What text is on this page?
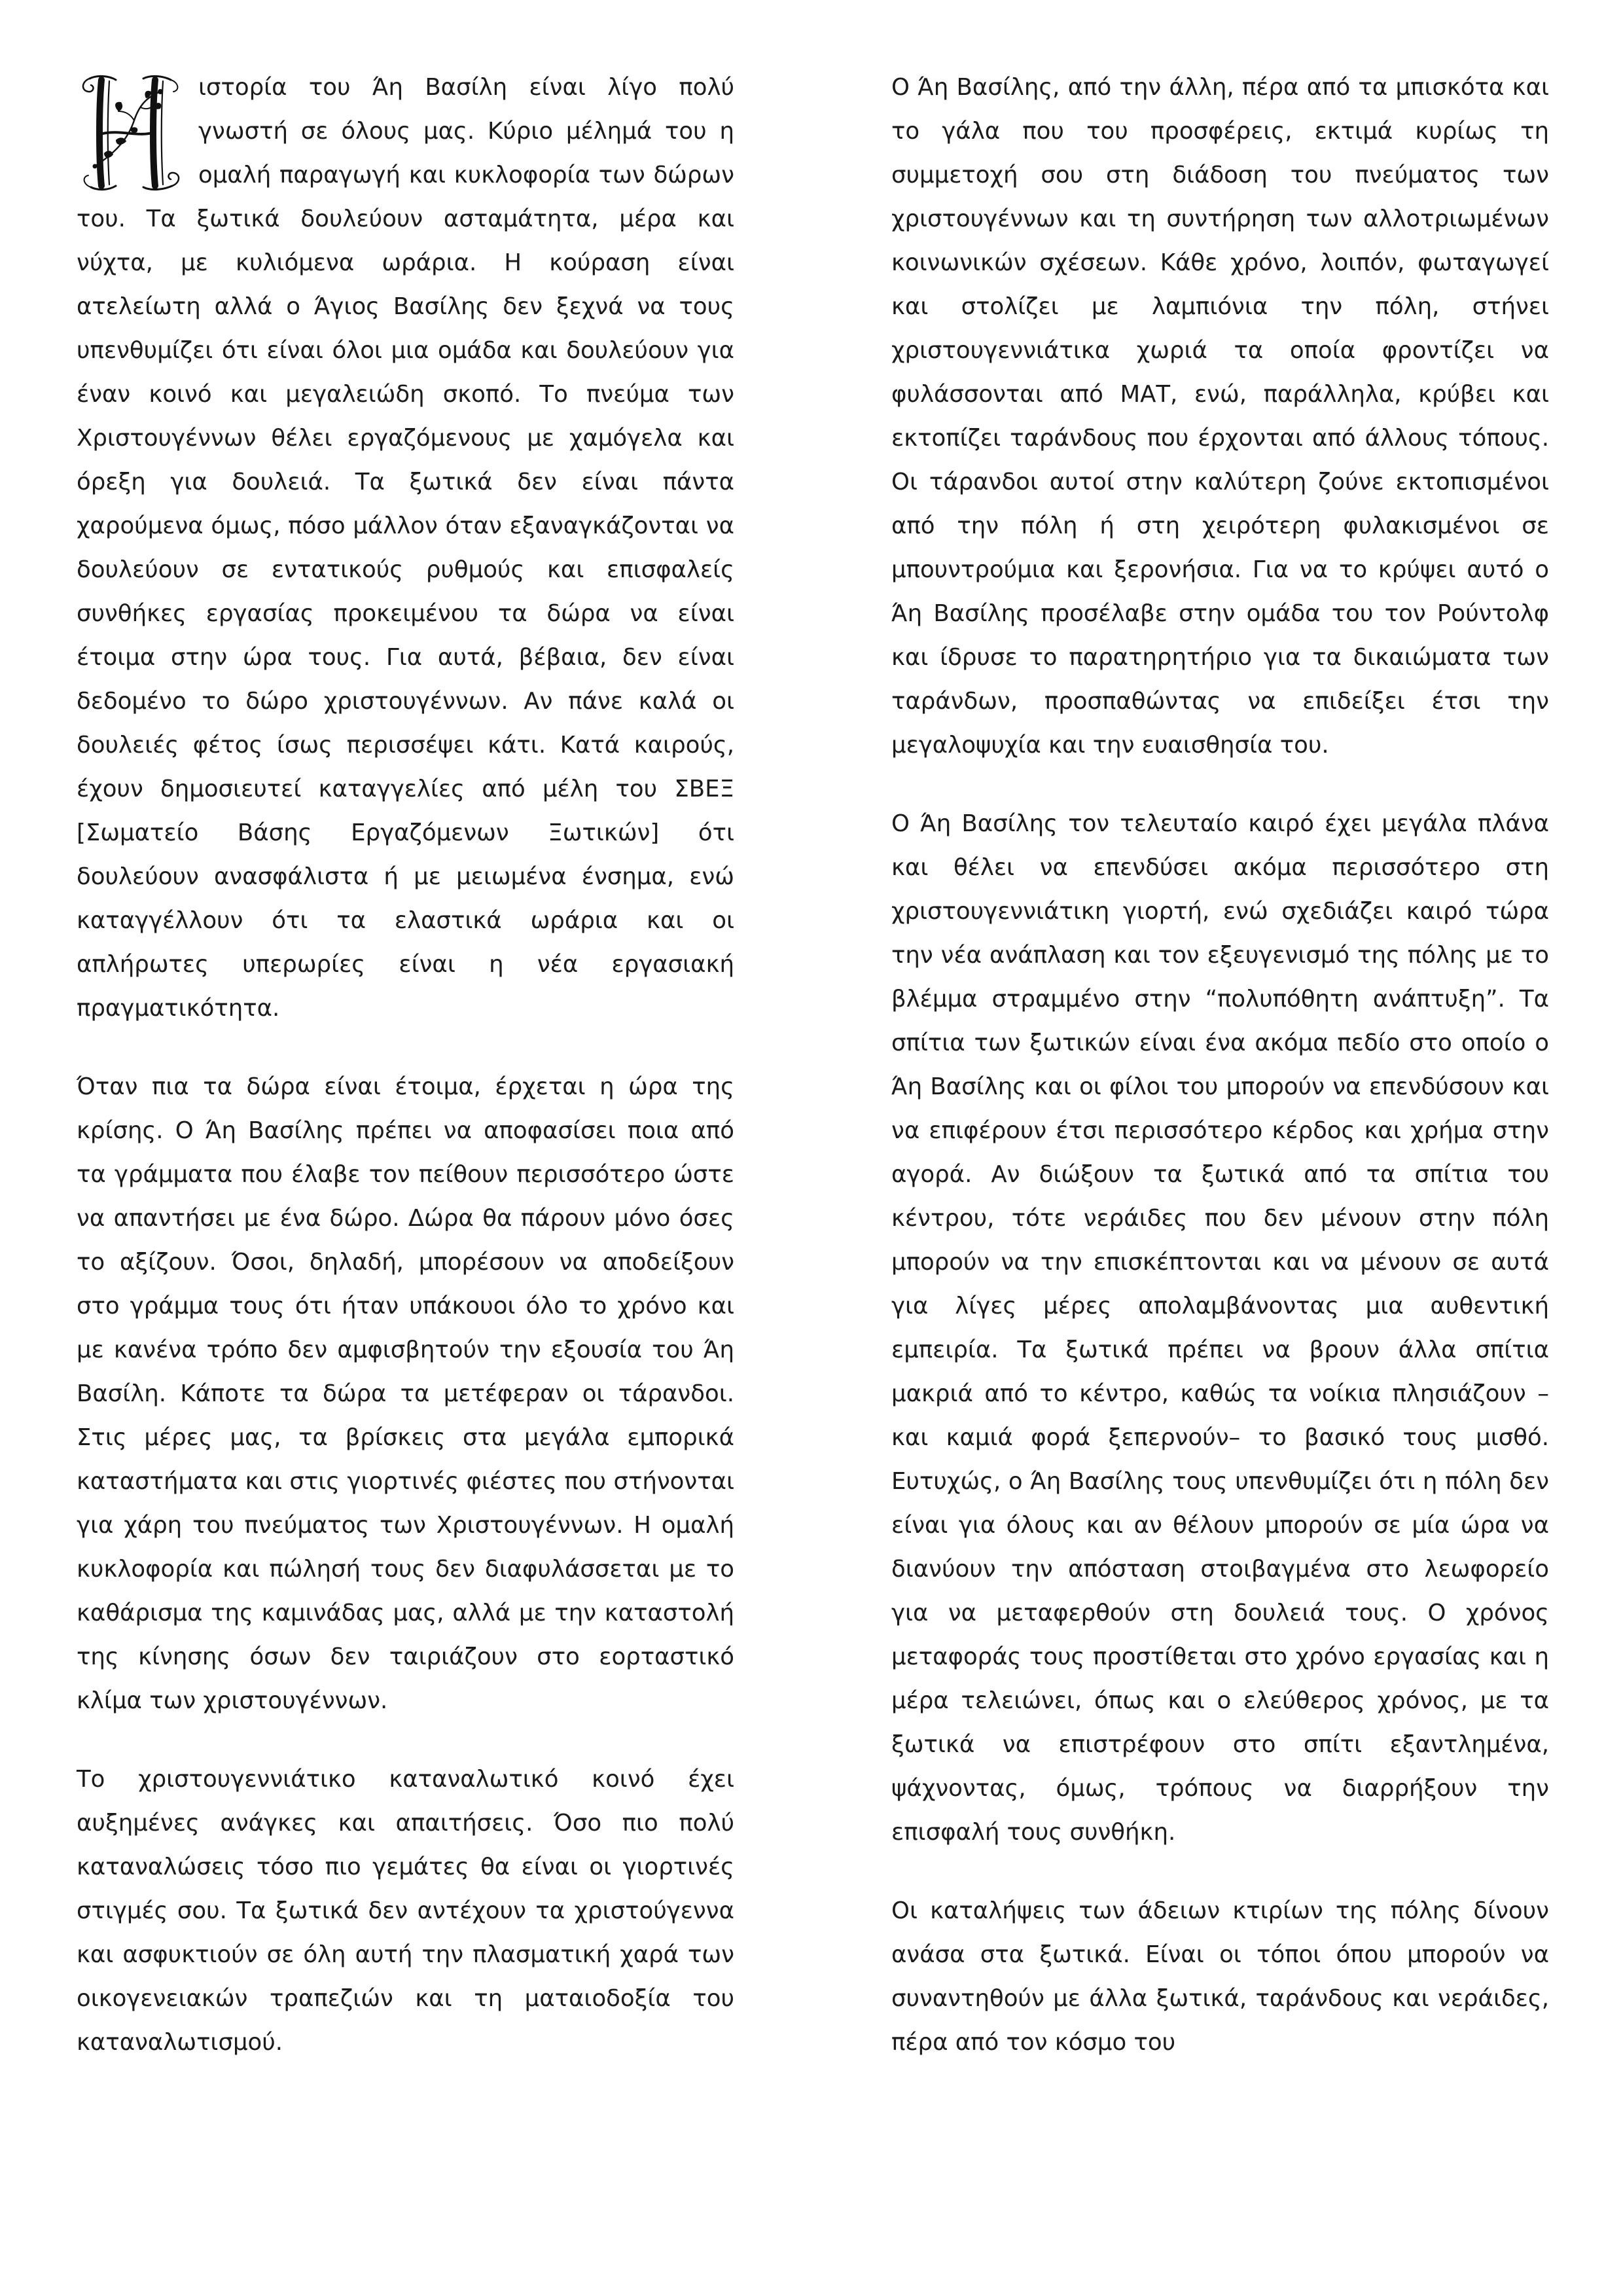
ιστορία του Άη Βασίλη είναι λίγο πολύ γνωστή σε όλους μας. Κύριο μέλημά του η ομαλή παραγωγή και κυκλοφορία των δώρων του. Τα ξωτικά δουλεύουν ασταμάτητα, μέρα και νύχτα, με κυλιόμενα ωράρια. Η κούραση είναι ατελείωτη αλλά ο Άγιος Βασίλης δεν ξεχνά να τους υπενθυμίζει ότι είναι όλοι μια ομάδα και δουλεύουν για έναν κοινό και μεγαλειώδη σκοπό. Το πνεύμα των Χριστουγέννων θέλει εργαζόμενους με χαμόγελα και όρεξη για δουλειά. Τα ξωτικά δεν είναι πάντα χαρούμενα όμως, πόσο μάλλον όταν εξαναγκάζονται να δουλεύουν σε εντατικούς ρυθμούς και επισφαλείς συνθήκες εργασίας προκειμένου τα δώρα να είναι έτοιμα στην ώρα τους. Για αυτά, βέβαια, δεν είναι δεδομένο το δώρο χριστουγέννων. Αν πάνε καλά οι δουλειές φέτος ίσως περισσέψει κάτι. Κατά καιρούς, έχουν δημοσιευτεί καταγγελίες από μέλη του ΣΒΕΞ [Σωματείο Βάσης Εργαζόμενων Ξωτικών] ότι δουλεύουν ανασφάλιστα ή με μειωμένα ένσημα, ενώ καταγγέλλουν ότι τα ελαστικά ωράρια και οι απλήρωτες υπερωρίες είναι η νέα εργασιακή πραγματικότητα.

Όταν πια τα δώρα είναι έτοιμα, έρχεται η ώρα της κρίσης. Ο Άη Βασίλης πρέπει να αποφασίσει ποια από τα γράμματα που έλαβε τον πείθουν περισσότερο ώστε να απαντήσει με ένα δώρο. Δώρα θα πάρουν μόνο όσες το αξίζουν. Όσοι, δηλαδή, μπορέσουν να αποδείξουν στο γράμμα τους ότι ήταν υπάκουοι όλο το χρόνο και με κανένα τρόπο δεν αμφισβητούν την εξουσία του Άη Βασίλη. Κάποτε τα δώρα τα μετέφεραν οι τάρανδοι. Στις μέρες μας, τα βρίσκεις στα μεγάλα εμπορικά καταστήματα και στις γιορτινές φιέστες που στήνονται για χάρη του πνεύματος των Χριστουγέννων. Η ομαλή κυκλοφορία και πώλησή τους δεν διαφυλάσσεται με το καθάρισμα της καμινάδας μας, αλλά με την καταστολή της κίνησης όσων δεν ταιριάζουν στο εορταστικό κλίμα των χριστουγέννων.

Το χριστουγεννιάτικο καταναλωτικό κοινό έχει αυξημένες ανάγκες και απαιτήσεις. Όσο πιο πολύ καταναλώσεις τόσο πιο γεμάτες θα είναι οι γιορτινές στιγμές σου. Τα ξωτικά δεν αντέχουν τα χριστούγεννα και ασφυκτιούν σε όλη αυτή την πλασματική χαρά των οικογενειακών τραπεζιών και τη ματαιοδοξία του καταναλωτισμού.

Ο Άη Βασίλης, από την άλλη, πέρα από τα μπισκότα και το γάλα που του προσφέρεις, εκτιμά κυρίως τη συμμετοχή σου στη διάδοση του πνεύματος των χριστουγέννων και τη συντήρηση των αλλοτριωμένων κοινωνικών σχέσεων. Κάθε χρόνο, λοιπόν, φωταγωγεί και στολίζει με λαμπιόνια την πόλη, στήνει χριστουγεννιάτικα χωριά τα οποία φροντίζει να φυλάσσονται από ΜΑΤ, ενώ, παράλληλα, κρύβει και εκτοπίζει ταράνδους που έρχονται από άλλους τόπους. Οι τάρανδοι αυτοί στην καλύτερη ζούνε εκτοπισμένοι από την πόλη ή στη χειρότερη φυλακισμένοι σε μπουντρούμια και ξερονήσια. Για να το κρύψει αυτό ο Άη Βασίλης προσέλαβε στην ομάδα του τον Ρούντολφ και ίδρυσε το παρατηρητήριο για τα δικαιώματα των ταράνδων, προσπαθώντας να επιδείξει έτσι την μεγαλοψυχία και την ευαισθησία του.

Ο Άη Βασίλης τον τελευταίο καιρό έχει μεγάλα πλάνα και θέλει να επενδύσει ακόμα περισσότερο στη χριστουγεννιάτικη γιορτή, ενώ σχεδιάζει καιρό τώρα την νέα ανάπλαση και τον εξευγενισμό της πόλης με το βλέμμα στραμμένο στην “πολυπόθητη ανάπτυξη”. Τα σπίτια των ξωτικών είναι ένα ακόμα πεδίο στο οποίο ο Άη Βασίλης και οι φίλοι του μπορούν να επενδύσουν και να επιφέρουν έτσι περισσότερο κέρδος και χρήμα στην αγορά. Αν διώξουν τα ξωτικά από τα σπίτια του κέντρου, τότε νεράιδες που δεν μένουν στην πόλη μπορούν να την επισκέπτονται και να μένουν σε αυτά για λίγες μέρες απολαμβάνοντας μια αυθεντική εμπειρία. Τα ξωτικά πρέπει να βρουν άλλα σπίτια μακριά από το κέντρο, καθώς τα νοίκια πλησιάζουν –και καμιά φορά ξεπερνούν– το βασικό τους μισθό. Ευτυχώς, ο Άη Βασίλης τους υπενθυμίζει ότι η πόλη δεν είναι για όλους και αν θέλουν μπορούν σε μία ώρα να διανύουν την απόσταση στοιβαγμένα στο λεωφορείο για να μεταφερθούν στη δουλειά τους. Ο χρόνος μεταφοράς τους προστίθεται στο χρόνο εργασίας και η μέρα τελειώνει, όπως και ο ελεύθερος χρόνος, με τα ξωτικά να επιστρέφουν στο σπίτι εξαντλημένα, ψάχνοντας, όμως, τρόπους να διαρρήξουν την επισφαλή τους συνθήκη.

Οι καταλήψεις των άδειων κτιρίων της πόλης δίνουν ανάσα στα ξωτικά. Είναι οι τόποι όπου μπορούν να συναντηθούν με άλλα ξωτικά, ταράνδους και νεράιδες, πέρα από τον κόσμο του
